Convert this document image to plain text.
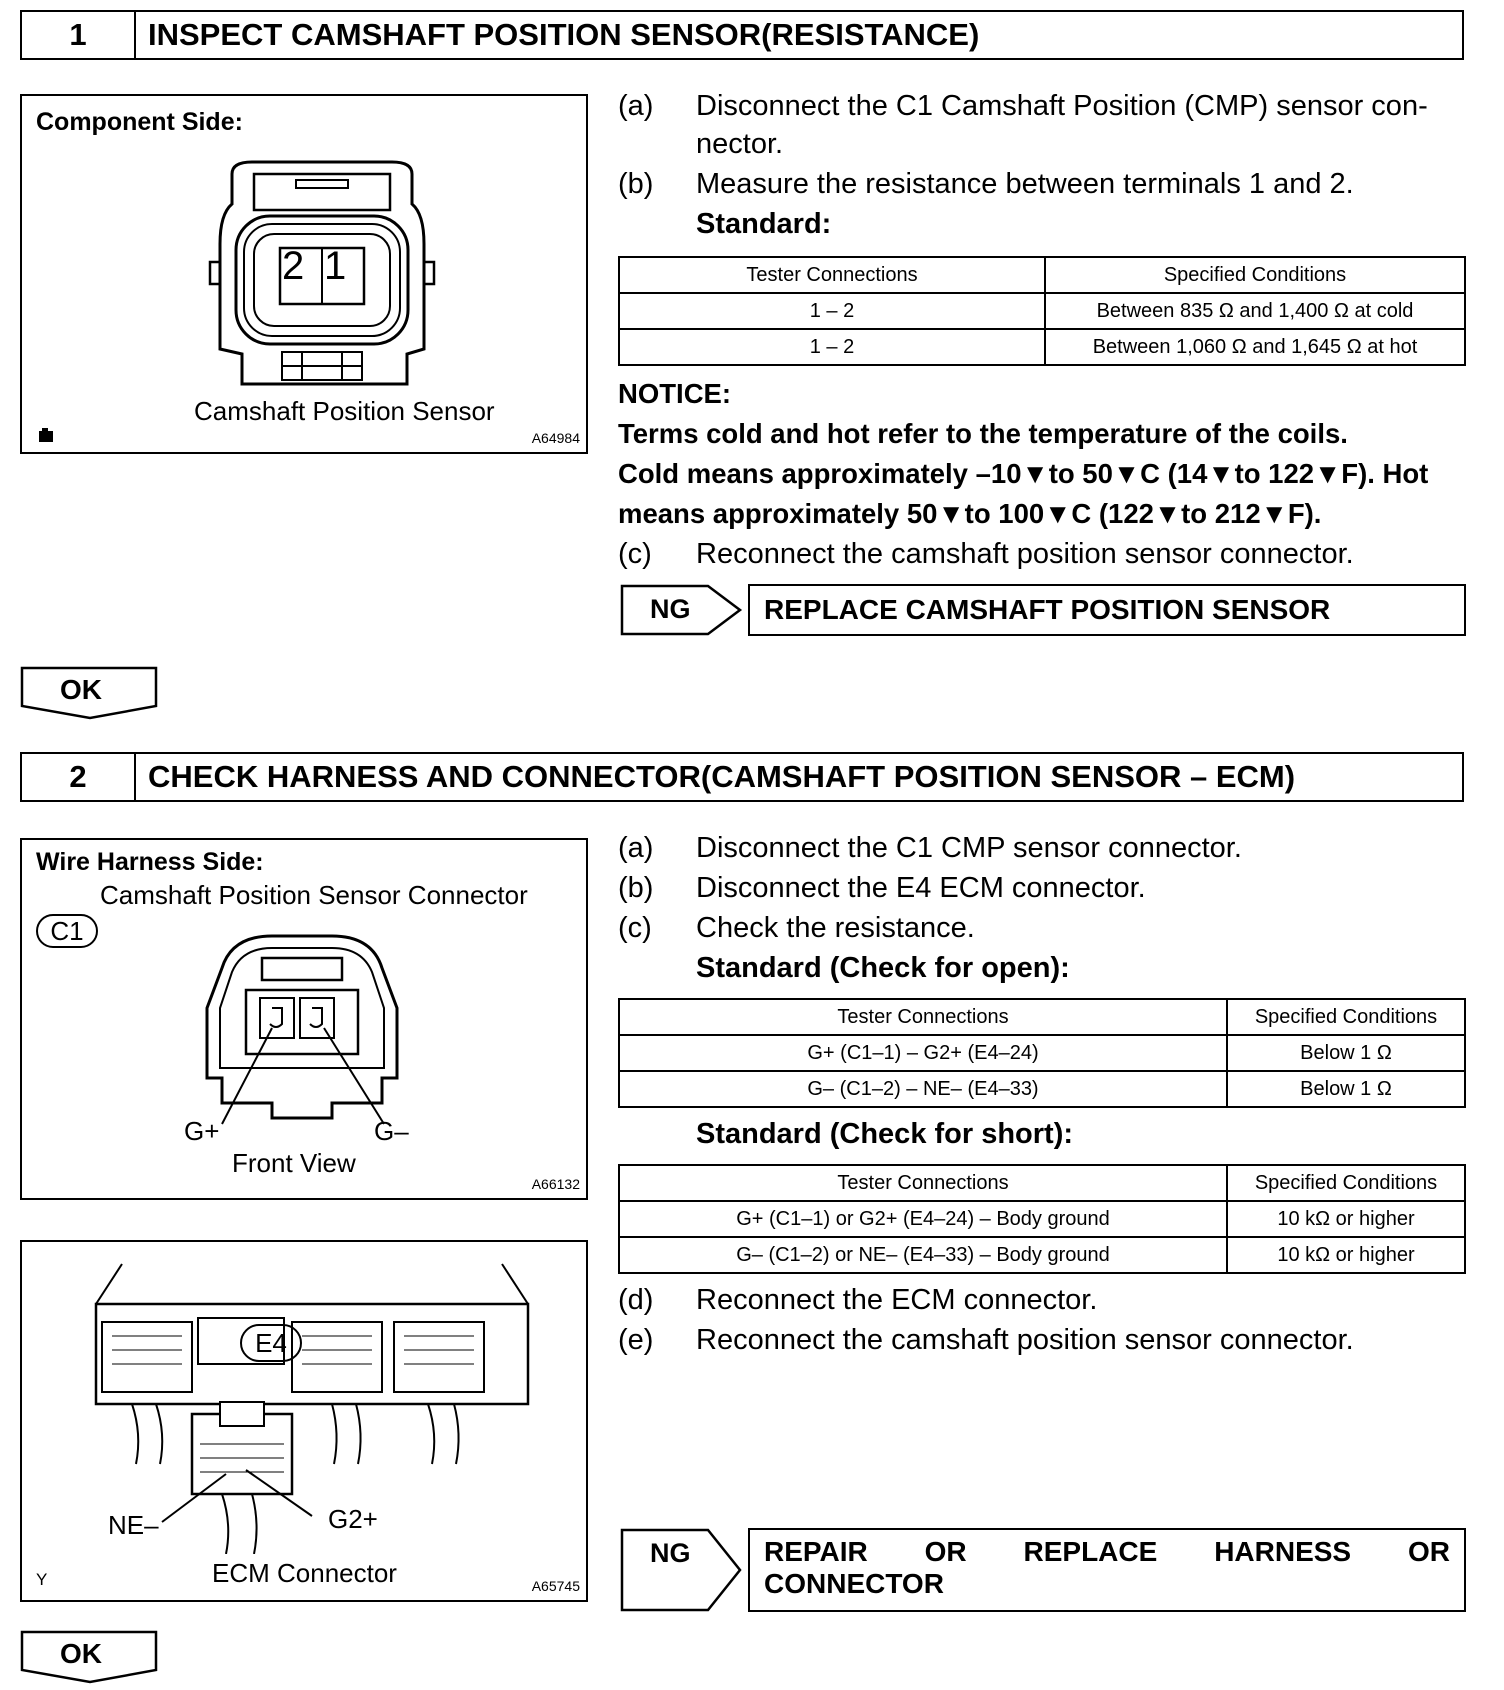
1	INSPECT CAMSHAFT POSITION SENSOR(RESISTANCE)
Component Side:
2 1
Camshaft Position Sensor
A64984
(a) Disconnect the C1 Camshaft Position (CMP) sensor con-
nector.
(b) Measure the resistance between terminals 1 and 2.
Standard:
Tester Connections	Specified Conditions
1 – 2	Between 835 Ω and 1,400 Ω at cold
1 – 2	Between 1,060 Ω and 1,645 Ω at hot
NOTICE:
Terms cold and hot refer to the temperature of the coils.
Cold means approximately –10▼to 50▼C (14▼to 122▼F). Hot
means approximately 50▼to 100▼C (122▼to 212▼F).
(c) Reconnect the camshaft position sensor connector.
NG	REPLACE CAMSHAFT POSITION SENSOR
OK
2	CHECK HARNESS AND CONNECTOR(CAMSHAFT POSITION SENSOR – ECM)
Wire Harness Side:
Camshaft Position Sensor Connector
C1
G+	G–
Front View
A66132
E4
NE–	G2+
ECM Connector
Y	A65745
(a) Disconnect the C1 CMP sensor connector.
(b) Disconnect the E4 ECM connector.
(c) Check the resistance.
Standard (Check for open):
Tester Connections	Specified Conditions
G+ (C1–1) – G2+ (E4–24)	Below 1 Ω
G– (C1–2) – NE– (E4–33)	Below 1 Ω
Standard (Check for short):
Tester Connections	Specified Conditions
G+ (C1–1) or G2+ (E4–24) – Body ground	10 kΩ or higher
G– (C1–2) or NE– (E4–33) – Body ground	10 kΩ or higher
(d) Reconnect the ECM connector.
(e) Reconnect the camshaft position sensor connector.
NG	REPAIR OR REPLACE HARNESS OR
CONNECTOR
OK
